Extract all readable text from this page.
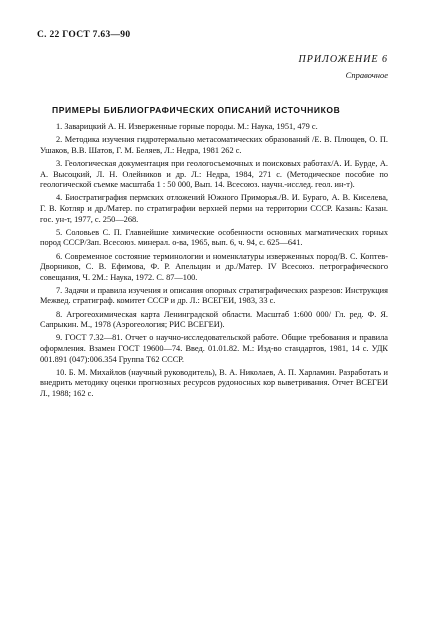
С. 22 ГОСТ 7.63—90
ПРИЛОЖЕНИЕ 6
Справочное
ПРИМЕРЫ БИБЛИОГРАФИЧЕСКИХ ОПИСАНИЙ ИСТОЧНИКОВ

1. Заварицкий А. Н. Изверженные горные породы. М.: Наука, 1951, 479 с.

2. Методика изучения гидротермально метасоматических образований /Е. В. Плющев, О. П. Ушаков, В.В. Шатов, Г. М. Беляев, Л.: Недра, 1981 262 с.

3. Геологическая документация при геологосъемочных и поисковых работах/А. И. Бурде, А. А. Высоцкий, Л. Н. Олейников и др. Л.: Недра, 1984, 271 с. (Методическое пособие по геологической съемке масштаба 1 : 50 000, Вып. 14. Всесоюз. научн.-исслед. геол. ин-т).

4. Биостратиграфия пермских отложений Южного Приморья./В. И. Бураго, А. В. Киселева, Г. В. Котляр и др./Матер. по стратиграфии верхней перми на территории СССР. Казань: Казан. гос. ун-т, 1977, с. 250—268.

5. Соловьев С. П. Главнейшие химические особенности основных магматических горных пород СССР/Зап. Всесоюз. минерал. о-ва, 1965, вып. 6, ч. 94, с. 625—641.

6. Современное состояние терминологии и номенклатуры изверженных пород/В. С. Коптев-Дворников, С. В. Ефимова, Ф. Р. Апельцин и др./Матер. IV Всесоюз. петрографического совещания, Ч. 2М.: Наука, 1972. С. 87—100.

7. Задачи и правила изучения и описания опорных стратиграфических разрезов: Инструкция Межвед. стратиграф. комитет СССР и др. Л.: ВСЕГЕИ, 1983, 33 с.

8. Агрогеохимическая карта Ленинградской области. Масштаб 1:600 000/ Гл. ред. Ф. Я. Сапрыкин. М., 1978 (Аэрогеология; РИС ВСЕГЕИ).

9. ГОСТ 7.32—81. Отчет о научно-исследовательской работе. Общие требования и правила оформления. Взамен ГОСТ 19600—74. Введ. 01.01.82. М.: Изд-во стандартов, 1981, 14 с. УДК 001.891 (047):006.354 Группа Т62 СССР.

10. Б. М. Михайлов (научный руководитель), В. А. Николаев, А. П. Харламин. Разработать и внедрить методику оценки прогнозных ресурсов рудоносных кор выветривания. Отчет ВСЕГЕИ Л., 1988; 162 с.
